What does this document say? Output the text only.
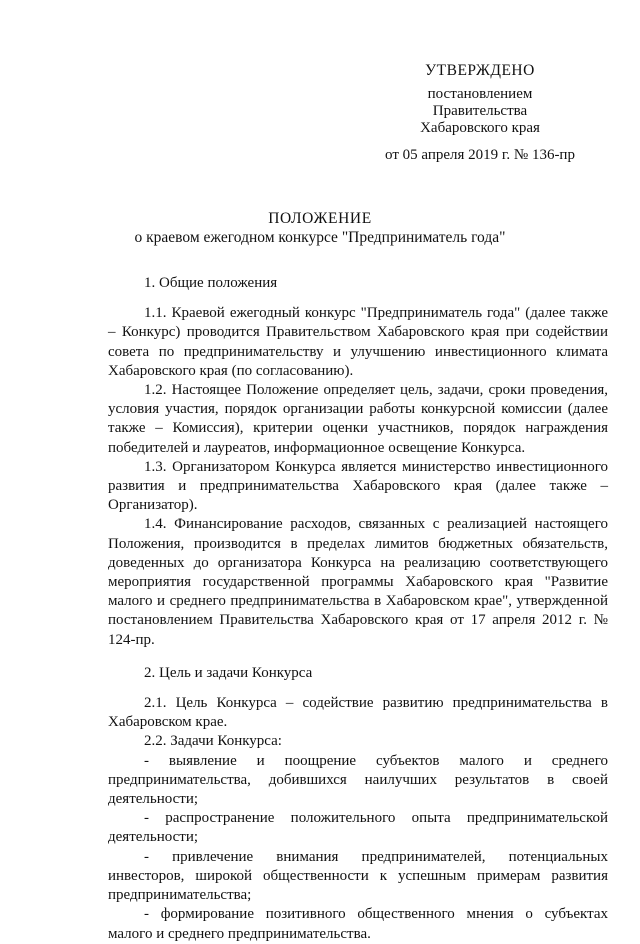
УТВЕРЖДЕНО
постановлением
Правительства
Хабаровского края
от 05 апреля 2019 г. № 136-пр
ПОЛОЖЕНИЕ
о краевом ежегодном конкурсе "Предприниматель года"

1. Общие положения

1.1. Краевой ежегодный конкурс "Предприниматель года" (далее также – Конкурс) проводится Правительством Хабаровского края при содействии совета по предпринимательству и улучшению инвестиционного климата Хабаровского края (по согласованию).

1.2. Настоящее Положение определяет цель, задачи, сроки проведения, условия участия, порядок организации работы конкурсной комиссии (далее также – Комиссия), критерии оценки участников, порядок награждения победителей и лауреатов, информационное освещение Конкурса.

1.3. Организатором Конкурса является министерство инвестиционного развития и предпринимательства Хабаровского края (далее также – Организатор).

1.4. Финансирование расходов, связанных с реализацией настоящего Положения, производится в пределах лимитов бюджетных обязательств, доведенных до организатора Конкурса на реализацию соответствующего мероприятия государственной программы Хабаровского края "Развитие малого и среднего предпринимательства в Хабаровском крае", утвержденной постановлением Правительства Хабаровского края от 17 апреля 2012 г. № 124-пр.

2. Цель и задачи Конкурса

2.1. Цель Конкурса – содействие развитию предпринимательства в Хабаровском крае.

2.2. Задачи Конкурса:

- выявление и поощрение субъектов малого и среднего предпринимательства, добившихся наилучших результатов в своей деятельности;

- распространение положительного опыта предпринимательской деятельности;

- привлечение внимания предпринимателей, потенциальных инвесторов, широкой общественности к успешным примерам развития предпринимательства;

- формирование позитивного общественного мнения о субъектах малого и среднего предпринимательства.
